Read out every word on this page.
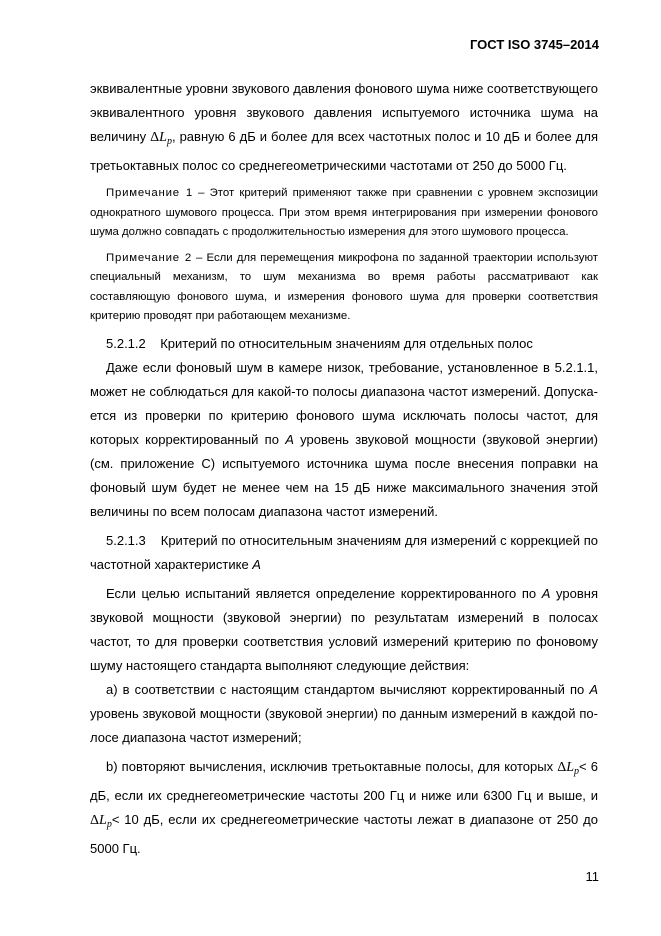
ГОСТ ISO 3745–2014

эквивалентные уровни звукового давления фонового шума ниже соответствующего эквивалентного уровня звукового давления испытуемого источника шума на величину $\Delta L_p$, равную 6 дБ и более для всех частотных полос и 10 дБ и более для третьоктавных полос со среднегеометрическими частотами от 250 до 5000 Гц.

Примечание 1 – Этот критерий применяют также при сравнении с уровнем экспозиции однократного шумового процесса. При этом время интегрирования при измерении фонового шума должно совпадать с продолжительностью измерения для этого шумового процесса.

Примечание 2 – Если для перемещения микрофона по заданной траектории используют специальный механизм, то шум механизма во время работы рассматривают как составляющую фонового шума, и измерения фонового шума для проверки соответствия критерию проводят при работающем механизме.

5.2.1.2 Критерий по относительным значениям для отдельных полос

Даже если фоновый шум в камере низок, требование, установленное в 5.2.1.1, может не соблюдаться для какой-то полосы диапазона частот измерений. Допускается из проверки по критерию фонового шума исключать полосы частот, для которых корректированный по A уровень звуковой мощности (звуковой энергии) (см. приложение С) испытуемого источника шума после внесения поправки на фоновый шум будет не менее чем на 15 дБ ниже максимального значения этой величины по всем полосам диапазона частот измерений.

5.2.1.3 Критерий по относительным значениям для измерений с коррекцией по частотной характеристике A

Если целью испытаний является определение корректированного по A уровня звуковой мощности (звуковой энергии) по результатам измерений в полосах частот, то для проверки соответствия условий измерений критерию по фоновому шуму настоящего стандарта выполняют следующие действия:

a) в соответствии с настоящим стандартом вычисляют корректированный по A уровень звуковой мощности (звуковой энергии) по данным измерений в каждой полосе диапазона частот измерений;

b) повторяют вычисления, исключив третьоктавные полосы, для которых $\Delta L_p< 6$ дБ, если их среднегеометрические частоты 200 Гц и ниже или 6300 Гц и выше, и $\Delta L_p< 10$ дБ, если их среднегеометрические частоты лежат в диапазоне от 250 до 5000 Гц.

11
